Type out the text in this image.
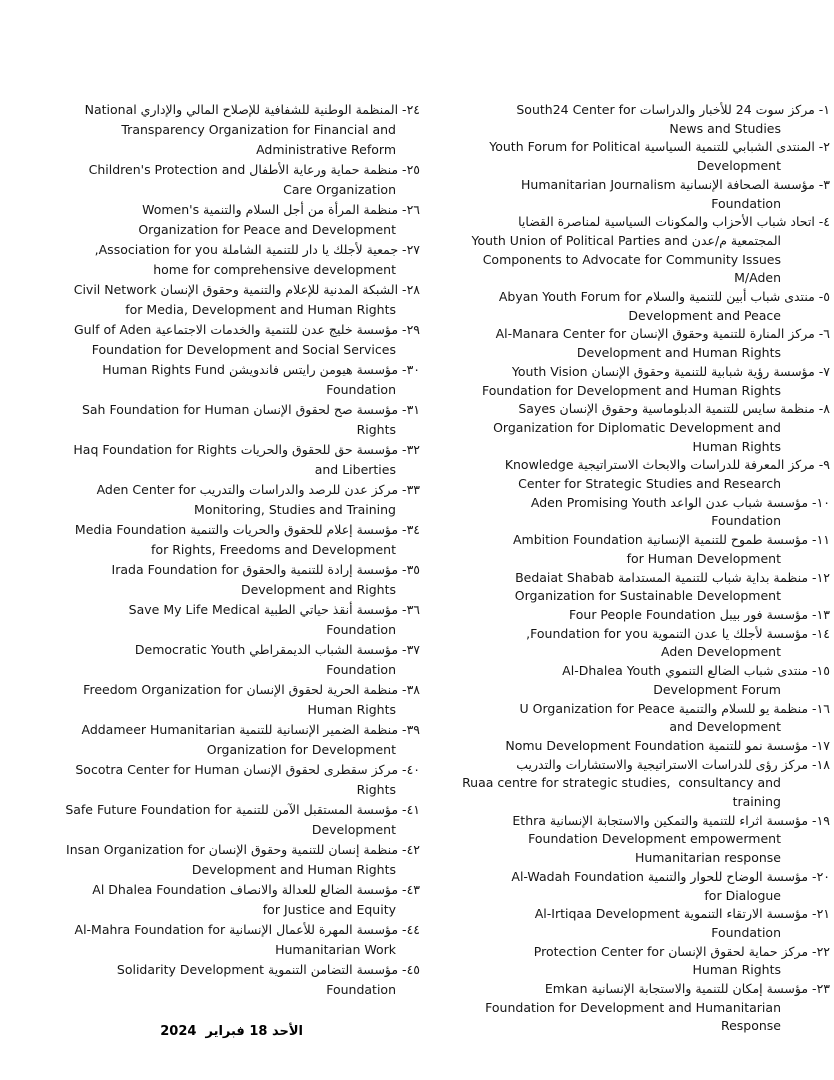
٢٤- المنظمة الوطنية للشفافية للإصلاح المالي والإداري National
Transparency Organization for Financial and
Administrative Reform
٢٥- منظمة حماية ورعاية الأطفال Children's Protection and
Care Organization
٢٦- منظمة المرأة من أجل السلام والتنمية Women's
Organization for Peace and Development
٢٧- جمعية لأجلك يا دار للتنمية الشاملة Association for you,
home for comprehensive development
٢٨- الشبكة المدنية للإعلام والتنمية وحقوق الإنسان Civil Network
for Media, Development and Human Rights
٢٩- مؤسسة خليج عدن للتنمية والخدمات الاجتماعية Gulf of Aden
Foundation for Development and Social Services
٣٠- مؤسسة هيومن رايتس فاندويشن Human Rights Fund
Foundation
٣١- مؤسسة صح لحقوق الإنسان Sah Foundation for Human
Rights
٣٢- مؤسسة حق للحقوق والحريات Haq Foundation for Rights
and Liberties
٣٣- مركز عدن للرصد والدراسات والتدريب Aden Center for
Monitoring, Studies and Training
٣٤- مؤسسة إعلام للحقوق والحريات والتنمية Media Foundation
for Rights, Freedoms and Development
٣٥- مؤسسة إرادة للتنمية والحقوق Irada Foundation for
Development and Rights
٣٦- مؤسسة أنقذ حياتي الطبية Save My Life Medical
Foundation
٣٧- مؤسسة الشباب الديمقراطي Democratic Youth
Foundation
٣٨- منظمة الحرية لحقوق الإنسان Freedom Organization for
Human Rights
٣٩- منظمة الضمير الإنسانية للتنمية Addameer Humanitarian
Organization for Development
٤٠- مركز سقطرى لحقوق الإنسان Socotra Center for Human
Rights
٤١- مؤسسة المستقبل الآمن للتنمية Safe Future Foundation for
Development
٤٢- منظمة إنسان للتنمية وحقوق الإنسان Insan Organization for
Development and Human Rights
٤٣- مؤسسة الضالع للعدالة والانصاف Al Dhalea Foundation
for Justice and Equity
٤٤- مؤسسة المهرة للأعمال الإنسانية Al-Mahra Foundation for
Humanitarian Work
٤٥- مؤسسة التضامن التنموية Solidarity Development
Foundation
١- مركز سوت 24 للأخبار والدراسات South24 Center for
News and Studies
٢- المنتدى الشبابي للتنمية السياسية Youth Forum for Political
Development
٣- مؤسسة الصحافة الإنسانية Humanitarian Journalism
Foundation
٤- اتحاد شباب الأحزاب والمكونات السياسية لمناصرة القضايا
المجتمعية م/عدن Youth Union of Political Parties and
Components to Advocate for Community Issues
M/Aden
٥- منتدى شباب أبين للتنمية والسلام Abyan Youth Forum for
Development and Peace
٦- مركز المنارة للتنمية وحقوق الإنسان Al-Manara Center for
Development and Human Rights
٧- مؤسسة رؤية شبابية للتنمية وحقوق الإنسان Youth Vision
Foundation for Development and Human Rights
٨- منظمة سايس للتنمية الدبلوماسية وحقوق الإنسان Sayes
Organization for Diplomatic Development and
Human Rights
٩- مركز المعرفة للدراسات والابحاث الاستراتيجية Knowledge
Center for Strategic Studies and Research
١٠- مؤسسة شباب عدن الواعد Aden Promising Youth
Foundation
١١- مؤسسة طموح للتنمية الإنسانية Ambition Foundation
for Human Development
١٢- منظمة بداية شباب للتنمية المستدامة Bedaiat Shabab
Organization for Sustainable Development
١٣- مؤسسة فور بيبل Four People Foundation
١٤- مؤسسة لأجلك يا عدن التنموية Foundation for you,
Aden Development
١٥- منتدى شباب الضالع التنموي Al-Dhalea Youth
Development Forum
١٦- منظمة يو للسلام والتنمية U Organization for Peace
and Development
١٧- مؤسسة نمو للتنمية Nomu Development Foundation
١٨- مركز رؤى للدراسات الاستراتيجية والاستشارات والتدريب
Ruaa centre for strategic studies,  consultancy and
training
١٩- مؤسسة اثراء للتنمية والتمكين والاستجابة الإنسانية Ethra
Foundation Development empowerment
Humanitarian response
٢٠- مؤسسة الوضاح للحوار والتنمية Al-Wadah Foundation
for Dialogue
٢١- مؤسسة الارتقاء التنموية Al-Irtiqaa Development
Foundation
٢٢- مركز حماية لحقوق الإنسان Protection Center for
Human Rights
٢٣- مؤسسة إمكان للتنمية والاستجابة الإنسانية Emkan
Foundation for Development and Humanitarian
Response
الأحد 18 فبراير  2024
